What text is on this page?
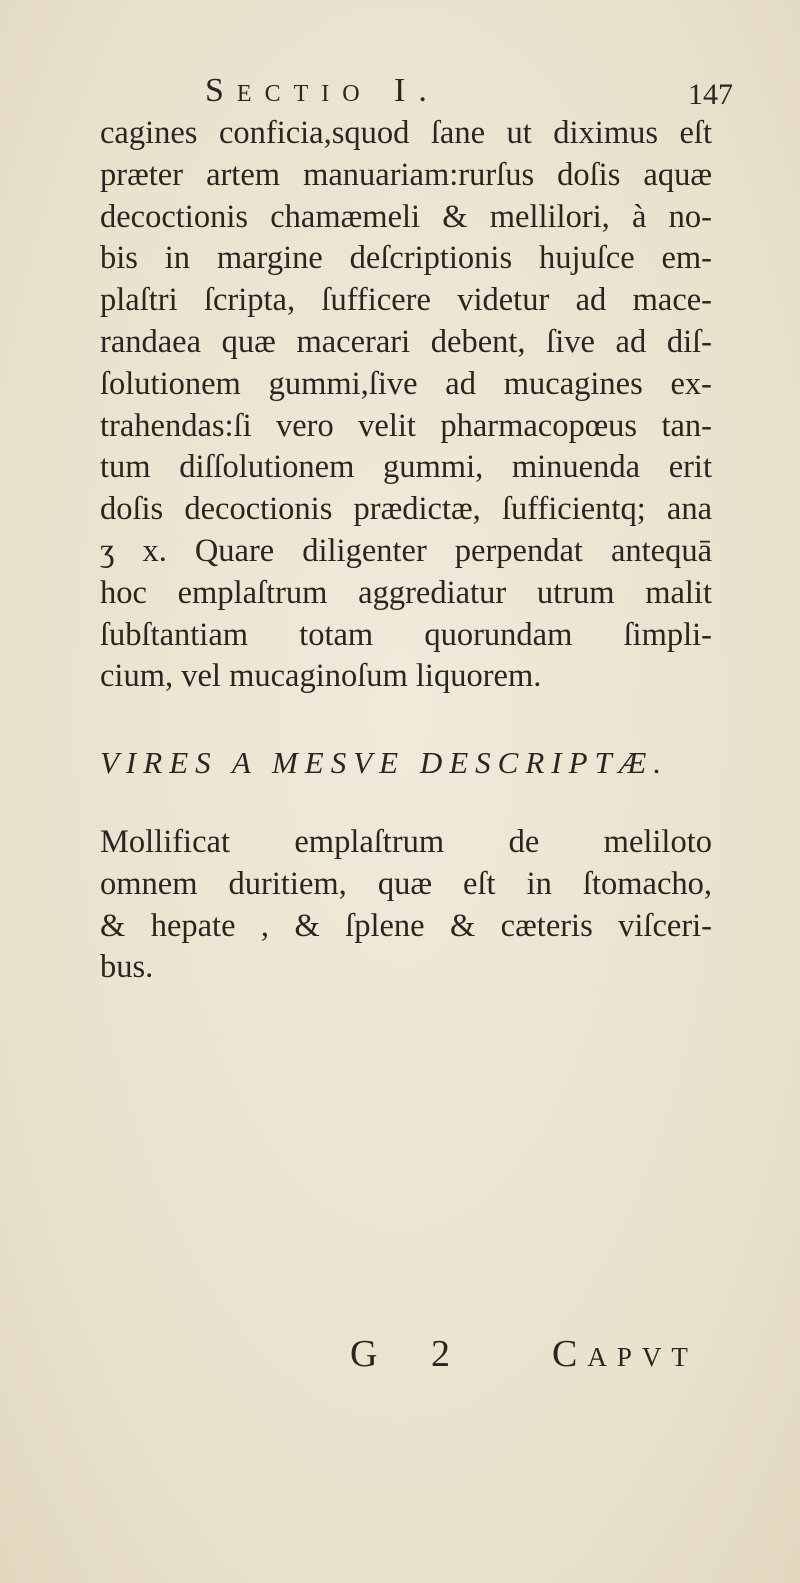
Sectio I.	147
cagines conficia,squod ſane ut diximus eſt
præter artem manuariam:rurſus doſis aquæ
decoctionis chamæmeli & mellilori, à no-
bis in margine deſcriptionis hujuſce em-
plaſtri ſcripta, ſufficere videtur ad mace-
randaea quæ macerari debent, ſive ad diſ-
ſolutionem gummi,ſive ad mucagines ex-
trahendas:ſi vero velit pharmacopœus tan-
tum diſſolutionem gummi, minuenda erit
doſis decoctionis prædictæ, ſufficientq; ana
ʒ x. Quare diligenter perpendat antequā
hoc emplaſtrum aggrediatur utrum malit
ſubſtantiam totam quorundam ſimpli-
cium, vel mucaginoſum liquorem.
VIRES A MESVE DESCRIPTÆ.
Mollificat emplaſtrum de meliloto
omnem duritiem, quæ eſt in ſtomacho,
& hepate , & ſplene & cæteris viſceri-
bus.
G 2 Capvt
